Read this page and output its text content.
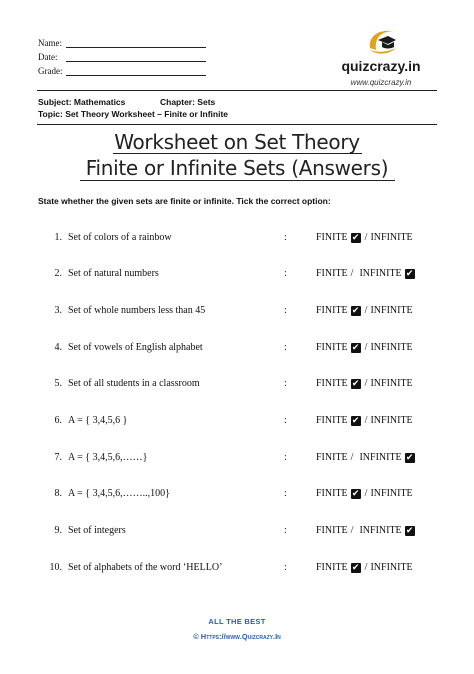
Name:
Date:
Grade:	quizcrazy.in
www.quizcrazy.in
Subject: Mathematics	Chapter: Sets
Topic: Set Theory Worksheet – Finite or Infinite
Worksheet on Set Theory
Finite or Infinite Sets (Answers)
State whether the given sets are finite or infinite. Tick the correct option:
1. Set of colors of a rainbow	:	FINITE ✔ / INFINITE
2. Set of natural numbers	:	FINITE / INFINITE ✔
3. Set of whole numbers less than 45	:	FINITE ✔ / INFINITE
4. Set of vowels of English alphabet	:	FINITE ✔ / INFINITE
5. Set of all students in a classroom	:	FINITE ✔ / INFINITE
6. A = { 3,4,5,6 }	:	FINITE ✔ / INFINITE
7. A = { 3,4,5,6,……}	:	FINITE / INFINITE ✔
8. A = { 3,4,5,6,……..,100}	:	FINITE ✔ / INFINITE
9. Set of integers	:	FINITE / INFINITE ✔
10. Set of alphabets of the word ‘HELLO’	:	FINITE ✔ / INFINITE
ALL THE BEST
© Https://www.Quizcrazy.In
